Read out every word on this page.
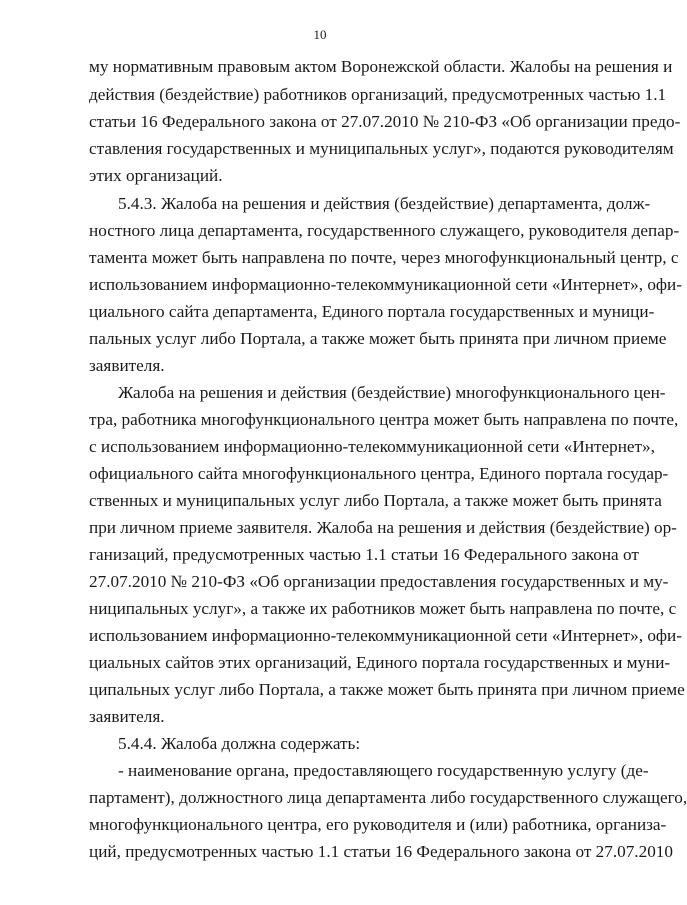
10
му нормативным правовым актом Воронежской области. Жалобы на решения и
действия (бездействие) работников организаций, предусмотренных частью 1.1
статьи 16 Федерального закона от 27.07.2010 № 210-ФЗ «Об организации предо-
ставления государственных и муниципальных услуг», подаются руководителям
этих организаций.
5.4.3. Жалоба на решения и действия (бездействие) департамента, долж-
ностного лица департамента, государственного служащего, руководителя депар-
тамента может быть направлена по почте, через многофункциональный центр, с
использованием информационно-телекоммуникационной сети «Интернет», офи-
циального сайта департамента, Единого портала государственных и муници-
пальных услуг либо Портала, а также может быть принята при личном приеме
заявителя.
Жалоба на решения и действия (бездействие) многофункционального цен-
тра, работника многофункционального центра может быть направлена по почте,
с использованием информационно-телекоммуникационной сети «Интернет»,
официального сайта многофункционального центра, Единого портала государ-
ственных и муниципальных услуг либо Портала, а также может быть принята
при личном приеме заявителя. Жалоба на решения и действия (бездействие) ор-
ганизаций, предусмотренных частью 1.1 статьи 16 Федерального закона от
27.07.2010 № 210-ФЗ «Об организации предоставления государственных и му-
ниципальных услуг», а также их работников может быть направлена по почте, с
использованием информационно-телекоммуникационной сети «Интернет», офи-
циальных сайтов этих организаций, Единого портала государственных и муни-
ципальных услуг либо Портала, а также может быть принята при личном приеме
заявителя.
5.4.4. Жалоба должна содержать:
- наименование органа, предоставляющего государственную услугу (де-
партамент), должностного лица департамента либо государственного служащего,
многофункционального центра, его руководителя и (или) работника, организа-
ций, предусмотренных частью 1.1 статьи 16 Федерального закона от 27.07.2010
